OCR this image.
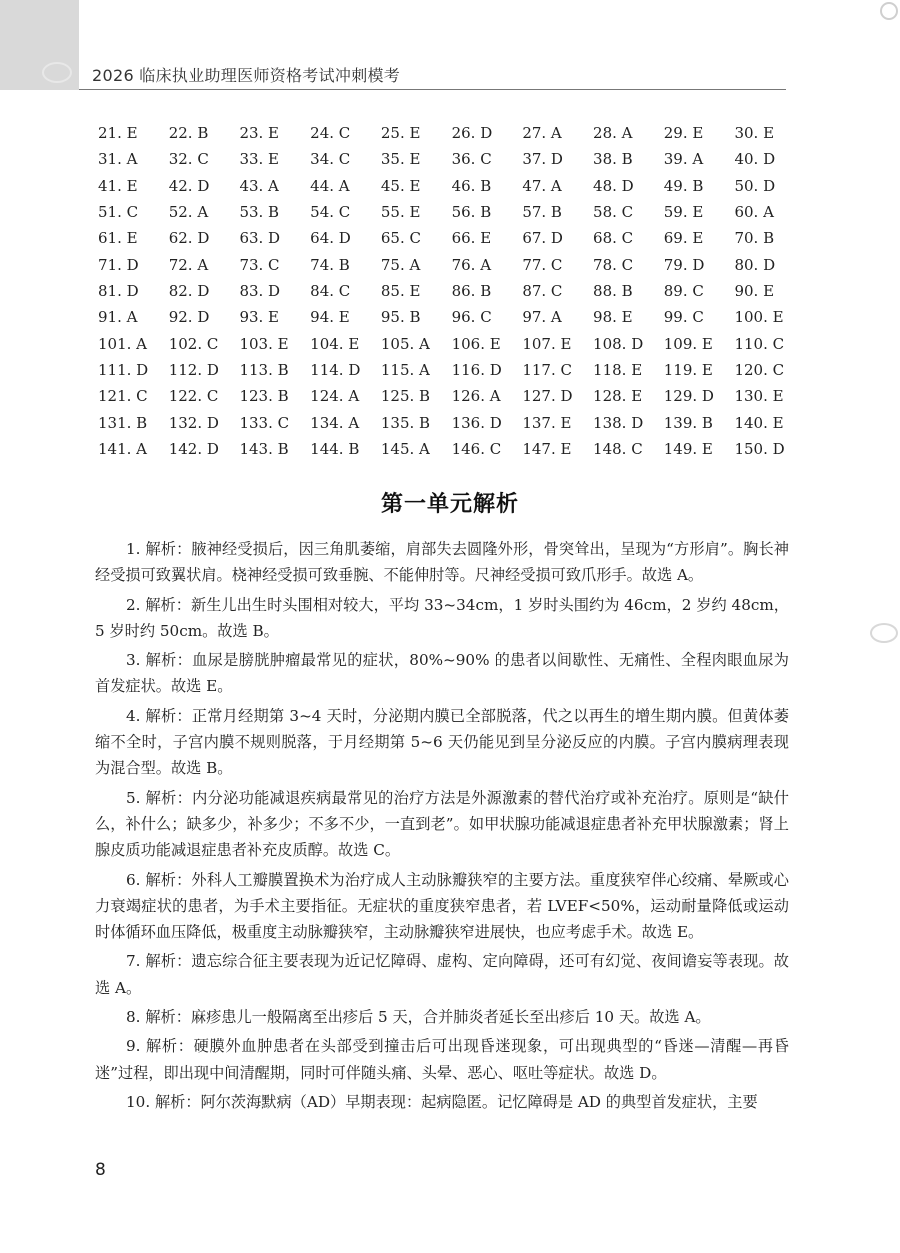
2026 临床执业助理医师资格考试冲刺模考
21. E	22. B	23. E	24. C	25. E	26. D	27. A	28. A	29. E	30. E
31. A	32. C	33. E	34. C	35. E	36. C	37. D	38. B	39. A	40. D
41. E	42. D	43. A	44. A	45. E	46. B	47. A	48. D	49. B	50. D
51. C	52. A	53. B	54. C	55. E	56. B	57. B	58. C	59. E	60. A
61. E	62. D	63. D	64. D	65. C	66. E	67. D	68. C	69. E	70. B
71. D	72. A	73. C	74. B	75. A	76. A	77. C	78. C	79. D	80. D
81. D	82. D	83. D	84. C	85. E	86. B	87. C	88. B	89. C	90. E
91. A	92. D	93. E	94. E	95. B	96. C	97. A	98. E	99. C	100. E
101. A	102. C	103. E	104. E	105. A	106. E	107. E	108. D	109. E	110. C
111. D	112. D	113. B	114. D	115. A	116. D	117. C	118. E	119. E	120. C
121. C	122. C	123. B	124. A	125. B	126. A	127. D	128. E	129. D	130. E
131. B	132. D	133. C	134. A	135. B	136. D	137. E	138. D	139. B	140. E
141. A	142. D	143. B	144. B	145. A	146. C	147. E	148. C	149. E	150. D
第一单元解析

1. 解析：腋神经受损后，因三角肌萎缩，肩部失去圆隆外形，骨突耸出，呈现为“方形肩”。胸长神经受损可致翼状肩。桡神经受损可致垂腕、不能伸肘等。尺神经受损可致爪形手。故选 A。

2. 解析：新生儿出生时头围相对较大，平均 33~34cm，1 岁时头围约为 46cm，2 岁约 48cm，5 岁时约 50cm。故选 B。

3. 解析：血尿是膀胱肿瘤最常见的症状，80%~90% 的患者以间歇性、无痛性、全程肉眼血尿为首发症状。故选 E。

4. 解析：正常月经期第 3~4 天时，分泌期内膜已全部脱落，代之以再生的增生期内膜。但黄体萎缩不全时，子宫内膜不规则脱落，于月经期第 5~6 天仍能见到呈分泌反应的内膜。子宫内膜病理表现为混合型。故选 B。

5. 解析：内分泌功能减退疾病最常见的治疗方法是外源激素的替代治疗或补充治疗。原则是“缺什么，补什么；缺多少，补多少；不多不少，一直到老”。如甲状腺功能减退症患者补充甲状腺激素；肾上腺皮质功能减退症患者补充皮质醇。故选 C。

6. 解析：外科人工瓣膜置换术为治疗成人主动脉瓣狭窄的主要方法。重度狭窄伴心绞痛、晕厥或心力衰竭症状的患者，为手术主要指征。无症状的重度狭窄患者，若 LVEF<50%，运动耐量降低或运动时体循环血压降低，极重度主动脉瓣狭窄，主动脉瓣狭窄进展快，也应考虑手术。故选 E。

7. 解析：遗忘综合征主要表现为近记忆障碍、虚构、定向障碍，还可有幻觉、夜间谵妄等表现。故选 A。

8. 解析：麻疹患儿一般隔离至出疹后 5 天，合并肺炎者延长至出疹后 10 天。故选 A。

9. 解析：硬膜外血肿患者在头部受到撞击后可出现昏迷现象，可出现典型的“昏迷—清醒—再昏迷”过程，即出现中间清醒期，同时可伴随头痛、头晕、恶心、呕吐等症状。故选 D。

10. 解析：阿尔茨海默病（AD）早期表现：起病隐匿。记忆障碍是 AD 的典型首发症状，主要

8
